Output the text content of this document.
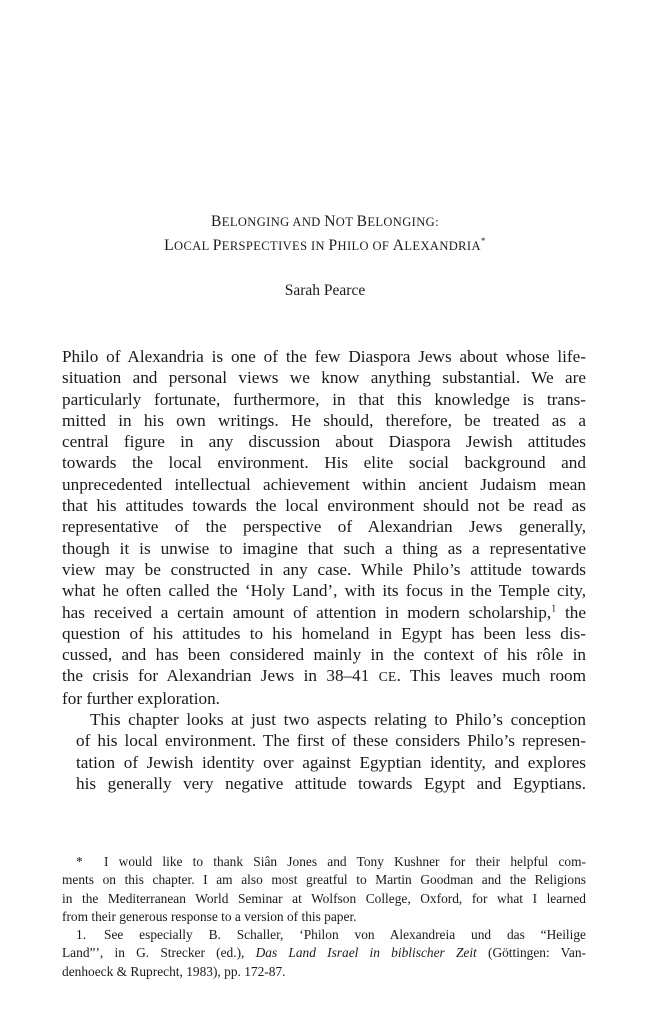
BELONGING AND NOT BELONGING:
LOCAL PERSPECTIVES IN PHILO OF ALEXANDRIA*
Sarah Pearce

Philo of Alexandria is one of the few Diaspora Jews about whose life-
situation and personal views we know anything substantial. We are
particularly fortunate, furthermore, in that this knowledge is trans-
mitted in his own writings. He should, therefore, be treated as a
central figure in any discussion about Diaspora Jewish attitudes
towards the local environment. His elite social background and
unprecedented intellectual achievement within ancient Judaism mean
that his attitudes towards the local environment should not be read as
representative of the perspective of Alexandrian Jews generally,
though it is unwise to imagine that such a thing as a representative
view may be constructed in any case. While Philo’s attitude towards
what he often called the ‘Holy Land’, with its focus in the Temple city,
has received a certain amount of attention in modern scholarship,$^1$ the
question of his attitudes to his homeland in Egypt has been less dis-
cussed, and has been considered mainly in the context of his rôle in
the crisis for Alexandrian Jews in 38–41 CE. This leaves much room
for further exploration.

This chapter looks at just two aspects relating to Philo’s conception
of his local environment. The first of these considers Philo’s represen-
tation of Jewish identity over against Egyptian identity, and explores
his generally very negative attitude towards Egypt and Egyptians.

* I would like to thank Siân Jones and Tony Kushner for their helpful com-
ments on this chapter. I am also most greatful to Martin Goodman and the Religions
in the Mediterranean World Seminar at Wolfson College, Oxford, for what I learned
from their generous response to a version of this paper.

1. See especially B. Schaller, ‘Philon von Alexandreia und das “Heilige
Land”’, in G. Strecker (ed.), Das Land Israel in biblischer Zeit (Göttingen: Van-
denhoeck & Ruprecht, 1983), pp. 172-87.
